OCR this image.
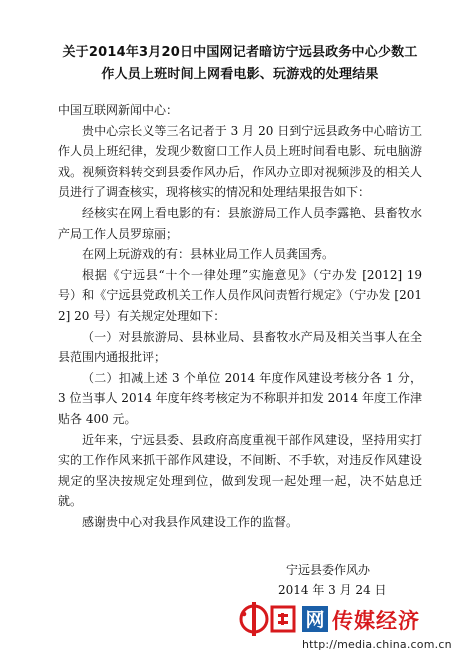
关于2014年3月20日中国网记者暗访宁远县政务中心少数工
作人员上班时间上网看电影、玩游戏的处理结果

中国互联网新闻中心：

贵中心宗长义等三名记者于 3 月 20 日到宁远县政务中心暗访工作人员上班纪律，发现少数窗口工作人员上班时间看电影、玩电脑游戏。视频资料转交到县委作风办后，作风办立即对视频涉及的相关人员进行了调查核实，现将核实的情况和处理结果报告如下：

经核实在网上看电影的有：县旅游局工作人员李露艳、县畜牧水产局工作人员罗琼丽；

在网上玩游戏的有：县林业局工作人员龚国秀。

根据《宁远县“十个一律处理”实施意见》（宁办发 [2012] 19 号）和《宁远县党政机关工作人员作风问责暂行规定》（宁办发 [2012] 20 号）有关规定处理如下：

（一）对县旅游局、县林业局、县畜牧水产局及相关当事人在全县范围内通报批评；

（二）扣减上述 3 个单位 2014 年度作风建设考核分各 1 分，3 位当事人 2014 年度年终考核定为不称职并扣发 2014 年度工作津贴各 400 元。

近年来，宁远县委、县政府高度重视干部作风建设，坚持用实打实的工作作风来抓干部作风建设，不间断、不手软，对违反作风建设规定的坚决按规定处理到位，做到发现一起处理一起，决不姑息迁就。

感谢贵中心对我县作风建设工作的监督。

宁远县委作风办
2014 年 3 月 24 日
网 传媒经济
http://media.china.com.cn
